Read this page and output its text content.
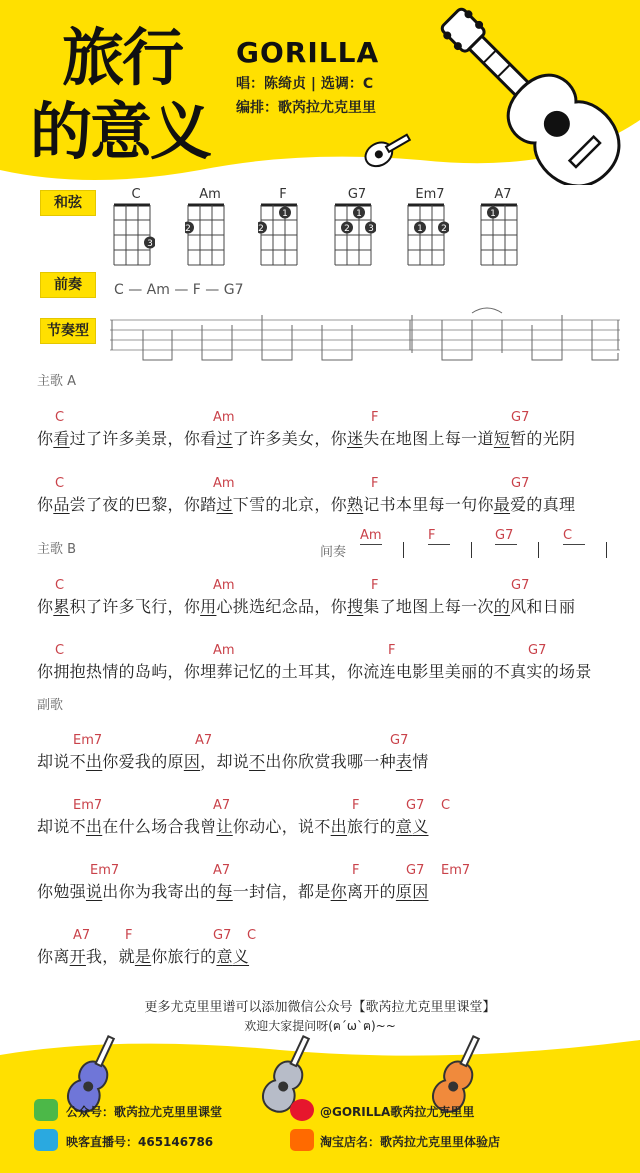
旅行
的意义
GORILLA
唱：陈绮贞 | 选调：C
编排：歌芮拉尤克里里
和弦
C
3
Am
2
F
2
1
G7
2
1
3
Em7
1 2
A7
1
前奏	C — Am — F — G7
节奏型
主歌 A
主歌 B
副歌
间奏
Am	F	G7	C
C	Am	F	G7
你看过了许多美景，你看过了许多美女，你迷失在地图上每一道短暂的光阴
C	Am	F	G7
你品尝了夜的巴黎，你踏过下雪的北京，你熟记书本里每一句你最爱的真理
C	Am	F	G7
你累积了许多飞行，你用心挑选纪念品，你搜集了地图上每一次的风和日丽
C	Am	F	G7
你拥抱热情的岛屿，你埋葬记忆的土耳其，你流连电影里美丽的不真实的场景
Em7	A7	G7
却说不出你爱我的原因，却说不出你欣赏我哪一种表情
Em7	A7	F	G7 C
却说不出在什么场合我曾让你动心，说不出旅行的意义
Em7	A7	F	G7 Em7
你勉强说出你为我寄出的每一封信，都是你离开的原因
A7	F	G7 C
你离开我，就是你旅行的意义
更多尤克里里谱可以添加微信公众号【歌芮拉尤克里里课堂】
欢迎大家提问呀(ฅ´ω`ฅ)~~
公众号：歌芮拉尤克里里课堂	@GORILLA歌芮拉尤克里里
映客直播号：465146786	淘宝店名：歌芮拉尤克里里体验店
